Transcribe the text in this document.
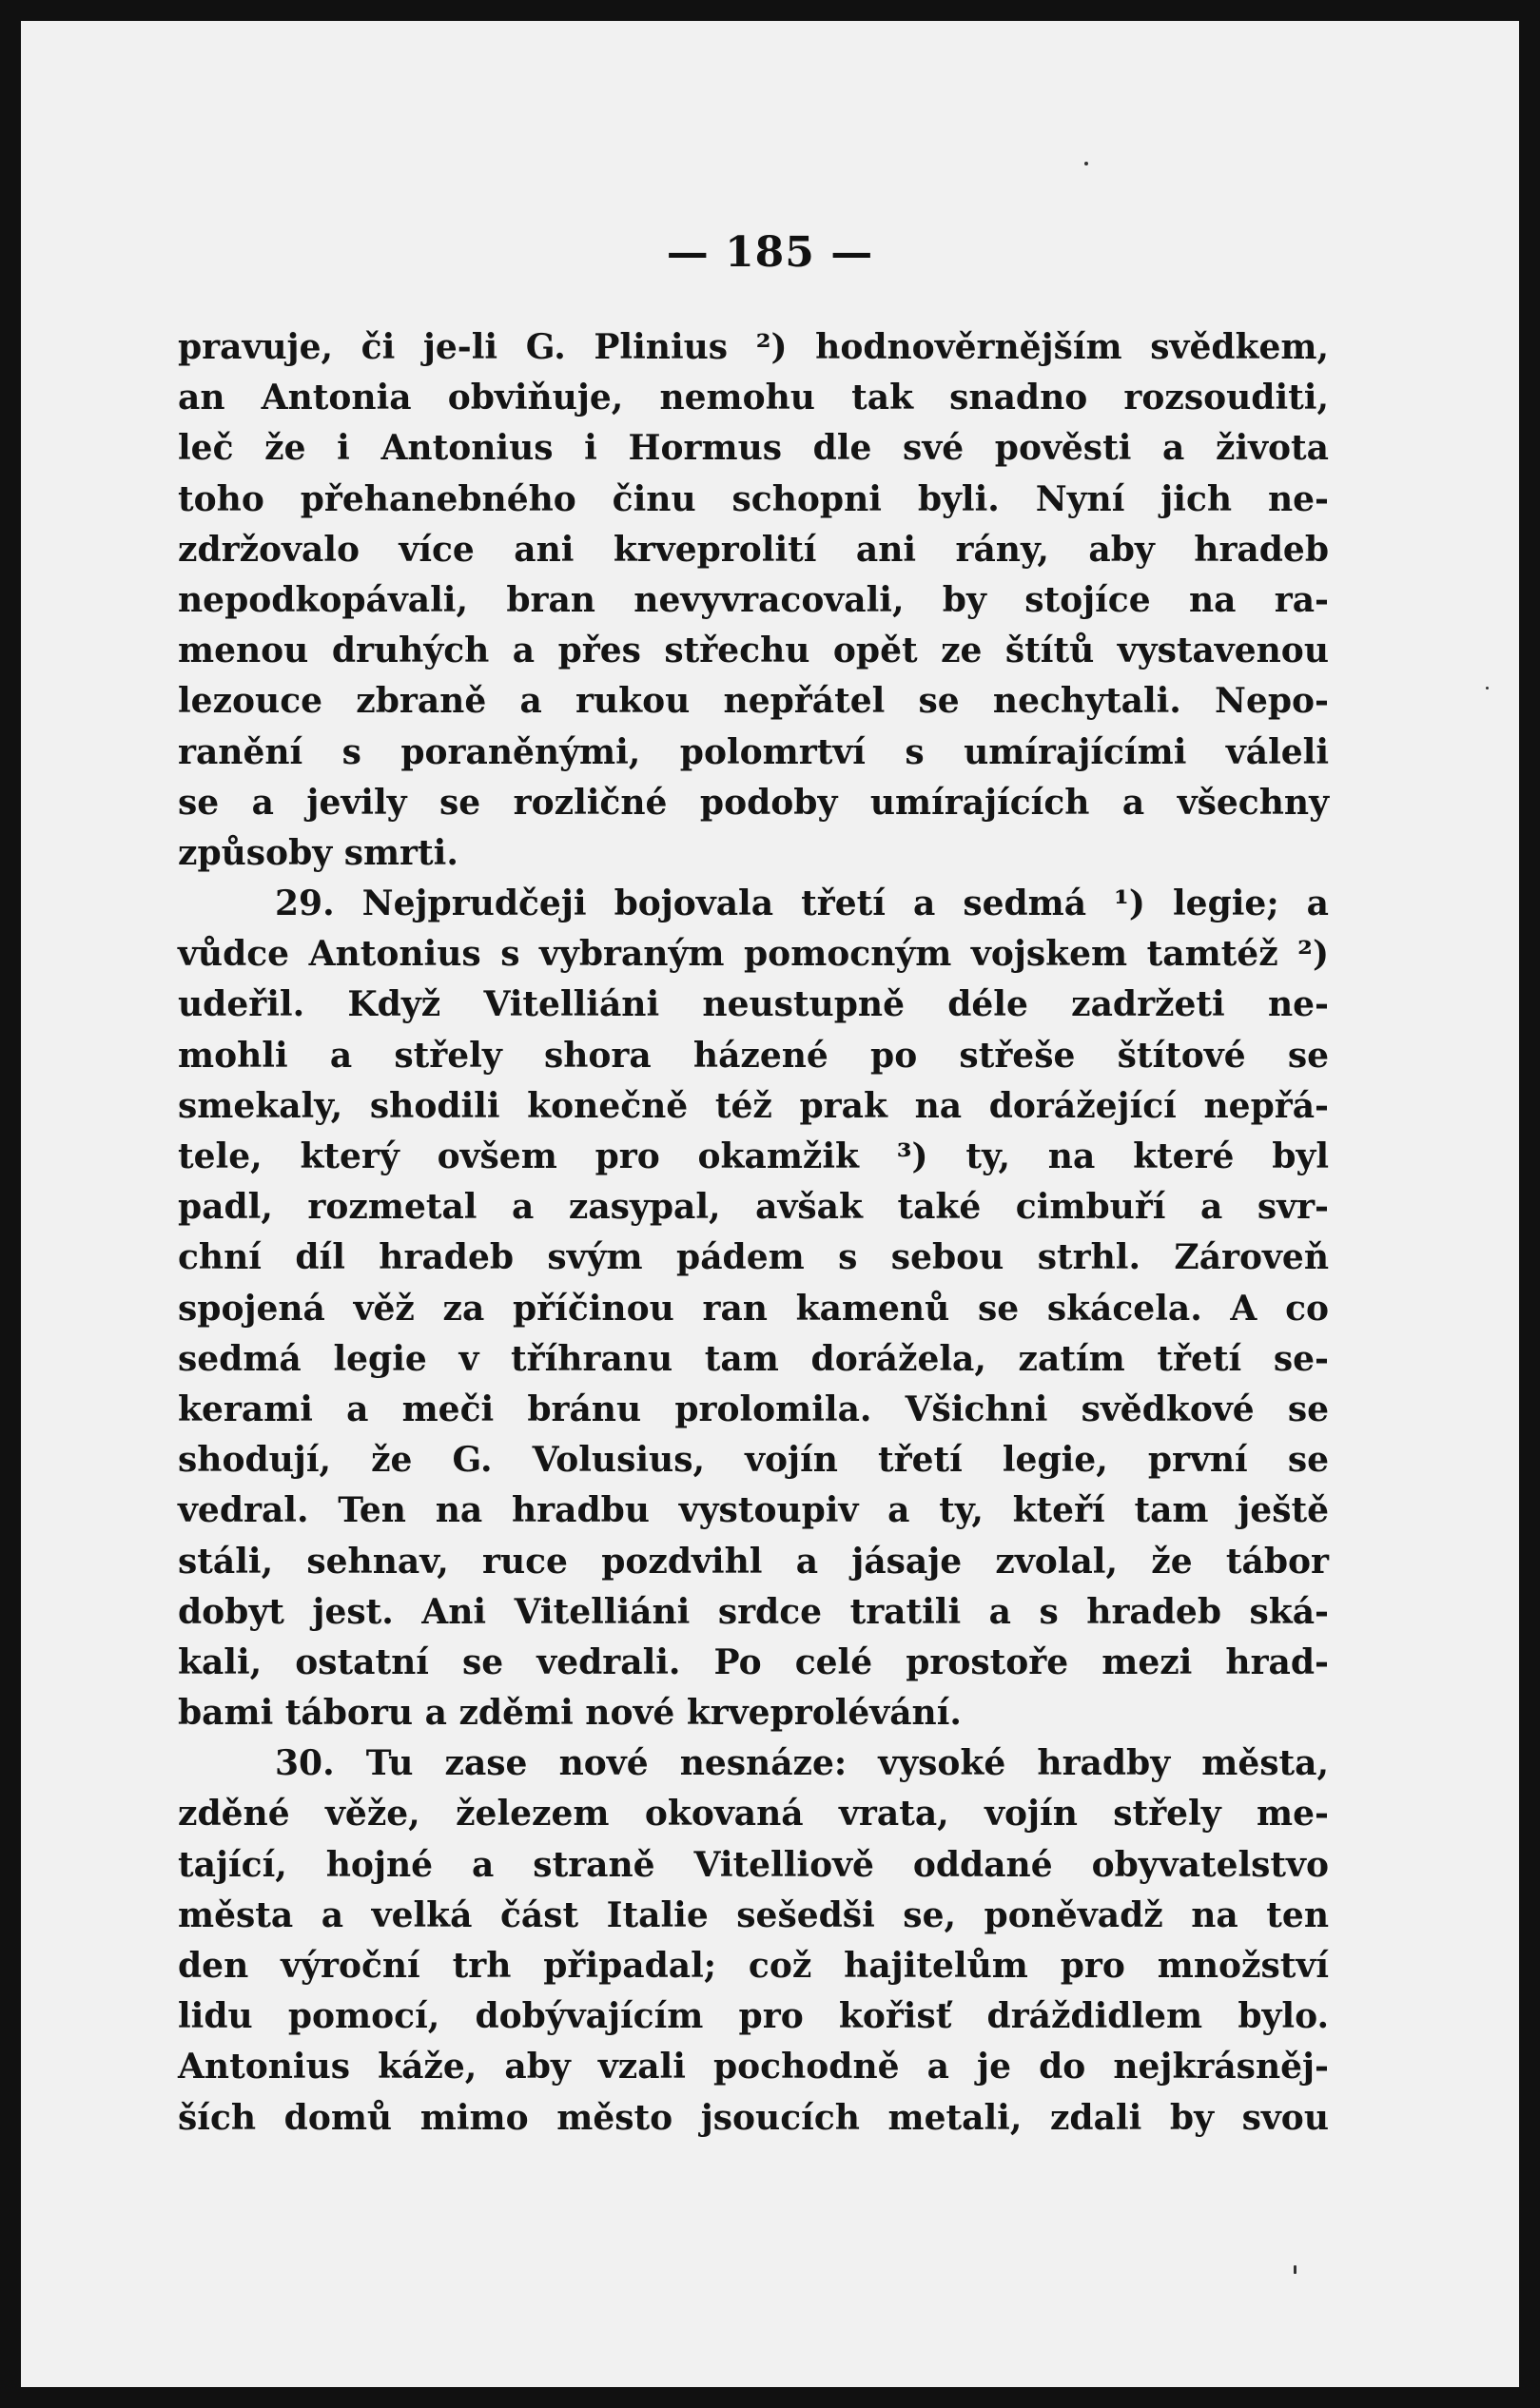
— 185 —
pravuje, či je-li G. Plinius ²) hodnověrnějším svědkem,
an Antonia obviňuje, nemohu tak snadno rozsouditi,
leč že i Antonius i Hormus dle své pověsti a života
toho přehanebného činu schopni byli. Nyní jich ne-
zdržovalo více ani krveprolití ani rány, aby hradeb
nepodkopávali, bran nevyvracovali, by stojíce na ra-
menou druhých a přes střechu opět ze štítů vystavenou
lezouce zbraně a rukou nepřátel se nechytali. Nepo-
ranění s poraněnými, polomrtví s umírajícími váleli
se a jevily se rozličné podoby umírajících a všechny
způsoby smrti.
29. Nejprudčeji bojovala třetí a sedmá ¹) legie; a
vůdce Antonius s vybraným pomocným vojskem tamtéž ²)
udeřil. Když Vitelliáni neustupně déle zadržeti ne-
mohli a střely shora házené po střeše štítové se
smekaly, shodili konečně též prak na dorážející nepřá-
tele, který ovšem pro okamžik ³) ty, na které byl
padl, rozmetal a zasypal, avšak také cimbuří a svr-
chní díl hradeb svým pádem s sebou strhl. Zároveň
spojená věž za příčinou ran kamenů se skácela. A co
sedmá legie v tříhranu tam dorážela, zatím třetí se-
kerami a meči bránu prolomila. Všichni svědkové se
shodují, že G. Volusius, vojín třetí legie, první se
vedral. Ten na hradbu vystoupiv a ty, kteří tam ještě
stáli, sehnav, ruce pozdvihl a jásaje zvolal, že tábor
dobyt jest. Ani Vitelliáni srdce tratili a s hradeb ská-
kali, ostatní se vedrali. Po celé prostoře mezi hrad-
bami táboru a zděmi nové krveprolévání.
30. Tu zase nové nesnáze: vysoké hradby města,
zděné věže, železem okovaná vrata, vojín střely me-
tající, hojné a straně Vitelliově oddané obyvatelstvo
města a velká část Italie sešedši se, poněvadž na ten
den výroční trh připadal; což hajitelům pro množství
lidu pomocí, dobývajícím pro kořisť dráždidlem bylo.
Antonius káže, aby vzali pochodně a je do nejkrásněj-
ších domů mimo město jsoucích metali, zdali by svou
